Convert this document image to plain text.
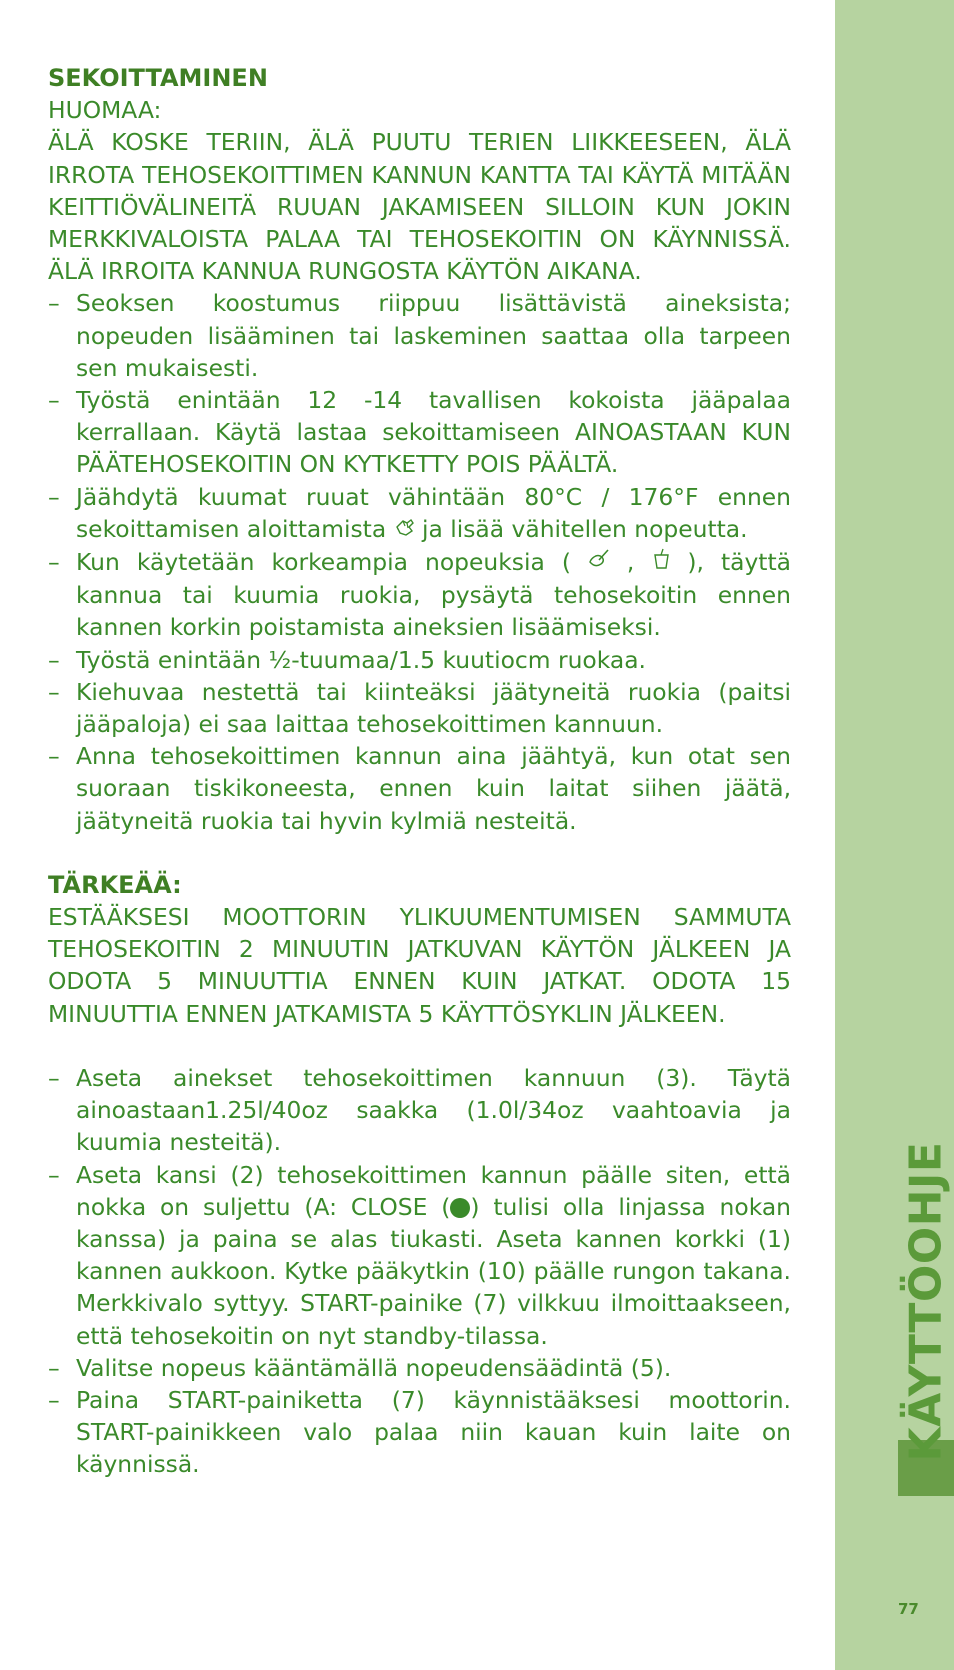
KÄYTTÖOHJE
77
SEKOITTAMINEN
HUOMAA:
ÄLÄ KOSKE TERIIN, ÄLÄ PUUTU TERIEN LIIKKEESEEN, ÄLÄ IRROTA TEHOSEKOITTIMEN KANNUN KANTTA TAI KÄYTÄ MITÄÄN KEITTIÖVÄLINEITÄ RUUAN JAKAMISEEN SILLOIN KUN JOKIN MERKKIVALOISTA PALAA TAI TEHOSEKOITIN ON KÄYNNISSÄ. ÄLÄ IRROITA KANNUA RUNGOSTA KÄYTÖN AIKANA.
– Seoksen koostumus riippuu lisättävistä aineksista; nopeuden lisääminen tai laskeminen saattaa olla tarpeen sen mukaisesti.
– Työstä enintään 12 -14 tavallisen kokoista jääpalaa kerrallaan. Käytä lastaa sekoittamiseen AINOASTAAN KUN PÄÄTEHOSEKOITIN ON KYTKETTY POIS PÄÄLTÄ.
– Jäähdytä kuumat ruuat vähintään 80°C / 176°F ennen sekoittamisen aloittamista  ja lisää vähitellen nopeutta.
– Kun käytetään korkeampia nopeuksia ( ,  ), täyttä kannua tai kuumia ruokia, pysäytä tehosekoitin ennen kannen korkin poistamista aineksien lisäämiseksi.
– Työstä enintään ½-tuumaa/1.5 kuutiocm ruokaa.
– Kiehuvaa nestettä tai kiinteäksi jäätyneitä ruokia (paitsi jääpaloja) ei saa laittaa tehosekoittimen kannuun.
– Anna tehosekoittimen kannun aina jäähtyä, kun otat sen suoraan tiskikoneesta, ennen kuin laitat siihen jäätä, jäätyneitä ruokia tai hyvin kylmiä nesteitä.
TÄRKEÄÄ:
ESTÄÄKSESI MOOTTORIN YLIKUUMENTUMISEN SAMMUTA TEHOSEKOITIN 2 MINUUTIN JATKUVAN KÄYTÖN JÄLKEEN JA ODOTA 5 MINUUTTIA ENNEN KUIN JATKAT. ODOTA 15 MINUUTTIA ENNEN JATKAMISTA 5 KÄYTTÖSYKLIN JÄLKEEN.
– Aseta ainekset tehosekoittimen kannuun (3). Täytä ainoastaan1.25l/40oz saakka (1.0l/34oz vaahtoavia ja kuumia nesteitä).
– Aseta kansi (2) tehosekoittimen kannun päälle siten, että nokka on suljettu (A: CLOSE ( ) tulisi olla linjassa nokan kanssa) ja paina se alas tiukasti. Aseta kannen korkki (1) kannen aukkoon. Kytke pääkytkin (10) päälle rungon takana. Merkkivalo syttyy. START-painike (7) vilkkuu ilmoittaakseen, että tehosekoitin on nyt standby-tilassa.
– Valitse nopeus kääntämällä nopeudensäädintä (5).
– Paina START-painiketta (7) käynnistääksesi moottorin. START-painikkeen valo palaa niin kauan kuin laite on käynnissä.
